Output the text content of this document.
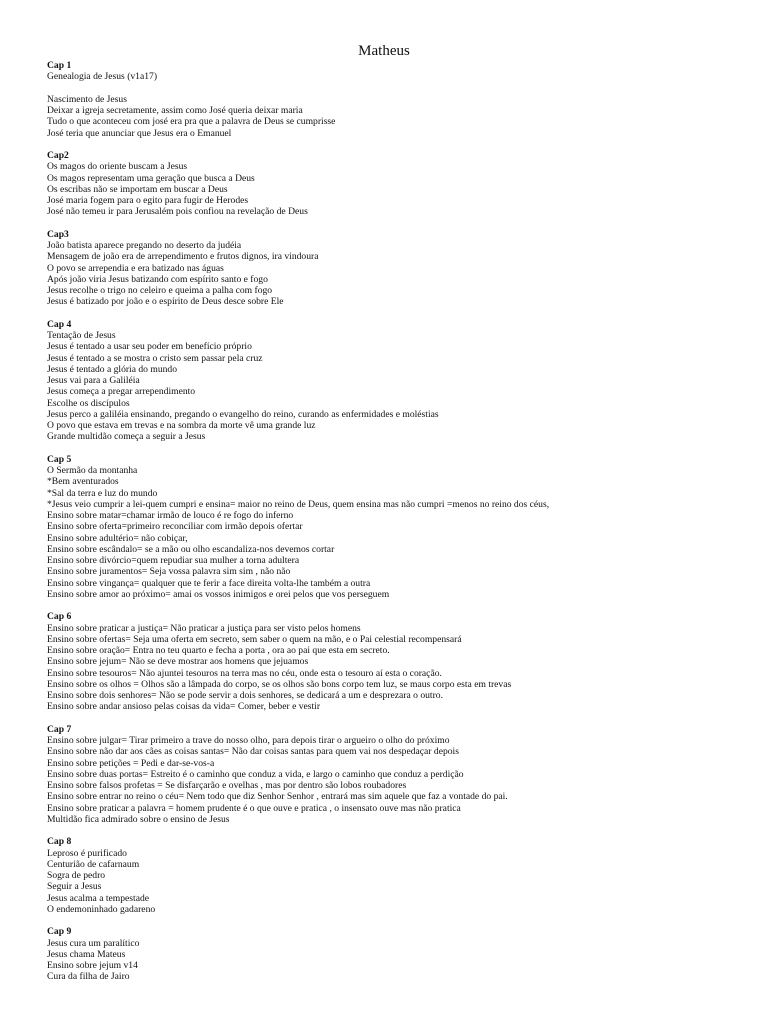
Matheus
Cap 1
Genealogia de Jesus (v1a17)

Nascimento de Jesus
Deixar a igreja secretamente, assim como José queria deixar maria
Tudo o que aconteceu com josé era pra que a palavra de Deus se cumprisse
José teria que anunciar que Jesus era o Emanuel
Cap2
Os magos do oriente buscam a Jesus
Os magos representam uma geração que busca a Deus
Os escribas não se importam em buscar a Deus
José maria fogem para o egito para fugir de Herodes
José não temeu ir para Jerusalém pois confiou na revelação de Deus
Cap3
João batista aparece pregando no deserto da judéia
Mensagem de joão era de arrependimento e frutos dignos, ira vindoura
O povo se arrependia e era batizado nas águas
Após joão viria Jesus batizando com espírito santo e fogo
Jesus recolhe o trigo no celeiro e queima a palha com fogo
Jesus é batizado por joão e o espírito de Deus desce sobre Ele
Cap 4
Tentação de Jesus
Jesus é tentado a usar seu poder em benefício próprio
Jesus é tentado a se mostra o cristo sem passar pela cruz
Jesus é tentado a glória do mundo
Jesus vai para a Galiléia
Jesus começa a pregar arrependimento
Escolhe os discípulos
Jesus perco a galiléia ensinando, pregando o evangelho do reino, curando as enfermidades e moléstias
O povo que estava em trevas e na sombra da morte vê uma grande luz
Grande multidão começa a seguir a Jesus
Cap 5
O Sermão da montanha
*Bem aventurados
*Sal da terra e luz do mundo
*Jesus veio cumprir a lei-quem cumpri e ensina= maior no reino de Deus, quem ensina mas não cumpri =menos no reino dos céus,
Ensino sobre matar=chamar irmão de louco é re fogo do inferno
Ensino sobre oferta=primeiro reconciliar com irmão depois ofertar
Ensino sobre adultério= não cobiçar,
Ensino sobre escândalo= se a mão ou olho escandaliza-nos devemos cortar
Ensino sobre divórcio=quem repudiar sua mulher a torna adultera
Ensino sobre juramentos= Seja vossa palavra sim sim , não não
Ensino sobre vingança= qualquer que te ferir a face direita volta-lhe também a outra
Ensino sobre amor ao próximo= amai os vossos inimigos e orei pelos que vos perseguem
Cap 6
Ensino sobre praticar a justiça= Não praticar a justiça para ser visto pelos homens
Ensino sobre ofertas= Seja uma oferta em secreto, sem saber o quem na mão, e o Pai celestial recompensará
Ensino sobre oração= Entra no teu quarto e fecha a porta , ora ao pai que esta em secreto.
Ensino sobre jejum= Não se deve mostrar aos homens que jejuamos
Ensino sobre tesouros= Não ajuntei tesouros na terra mas no céu, onde esta o tesouro aí esta o coração.
Ensino sobre os olhos = Olhos são a lâmpada do corpo, se os olhos são bons corpo tem luz, se maus corpo esta em trevas
Ensino sobre dois senhores= Não se pode servir a dois senhores, se dedicará a um e desprezara o outro.
Ensino sobre andar ansioso pelas coisas da vida= Comer, beber e vestir
Cap 7
Ensino sobre julgar= Tirar primeiro a trave do nosso olho, para depois tirar o argueiro o olho do próximo
Ensino sobre não dar aos cães as coisas santas= Não dar coisas santas para quem vai nos despedaçar depois
Ensino sobre petições = Pedi e dar-se-vos-a
Ensino sobre duas portas= Estreito é o caminho que conduz a vida, e largo o caminho que conduz a perdição
Ensino sobre falsos profetas = Se disfarçarão e ovelhas , mas por dentro são lobos roubadores
Ensino sobre entrar no reino o céu= Nem todo que diz Senhor Senhor , entrará mas sim aquele que faz a vontade do pai.
Ensino sobre praticar a palavra = homem prudente é o que ouve e pratica , o insensato ouve mas não pratica
Multidão fica admirado sobre o ensino de Jesus
Cap 8
Leproso é purificado
Centurião de cafarnaum
Sogra de pedro
Seguir a Jesus
Jesus acalma a tempestade
O endemoninhado gadareno
Cap 9
Jesus cura um paralítico
Jesus chama Mateus
Ensino sobre jejum v14
Cura da filha de Jairo
